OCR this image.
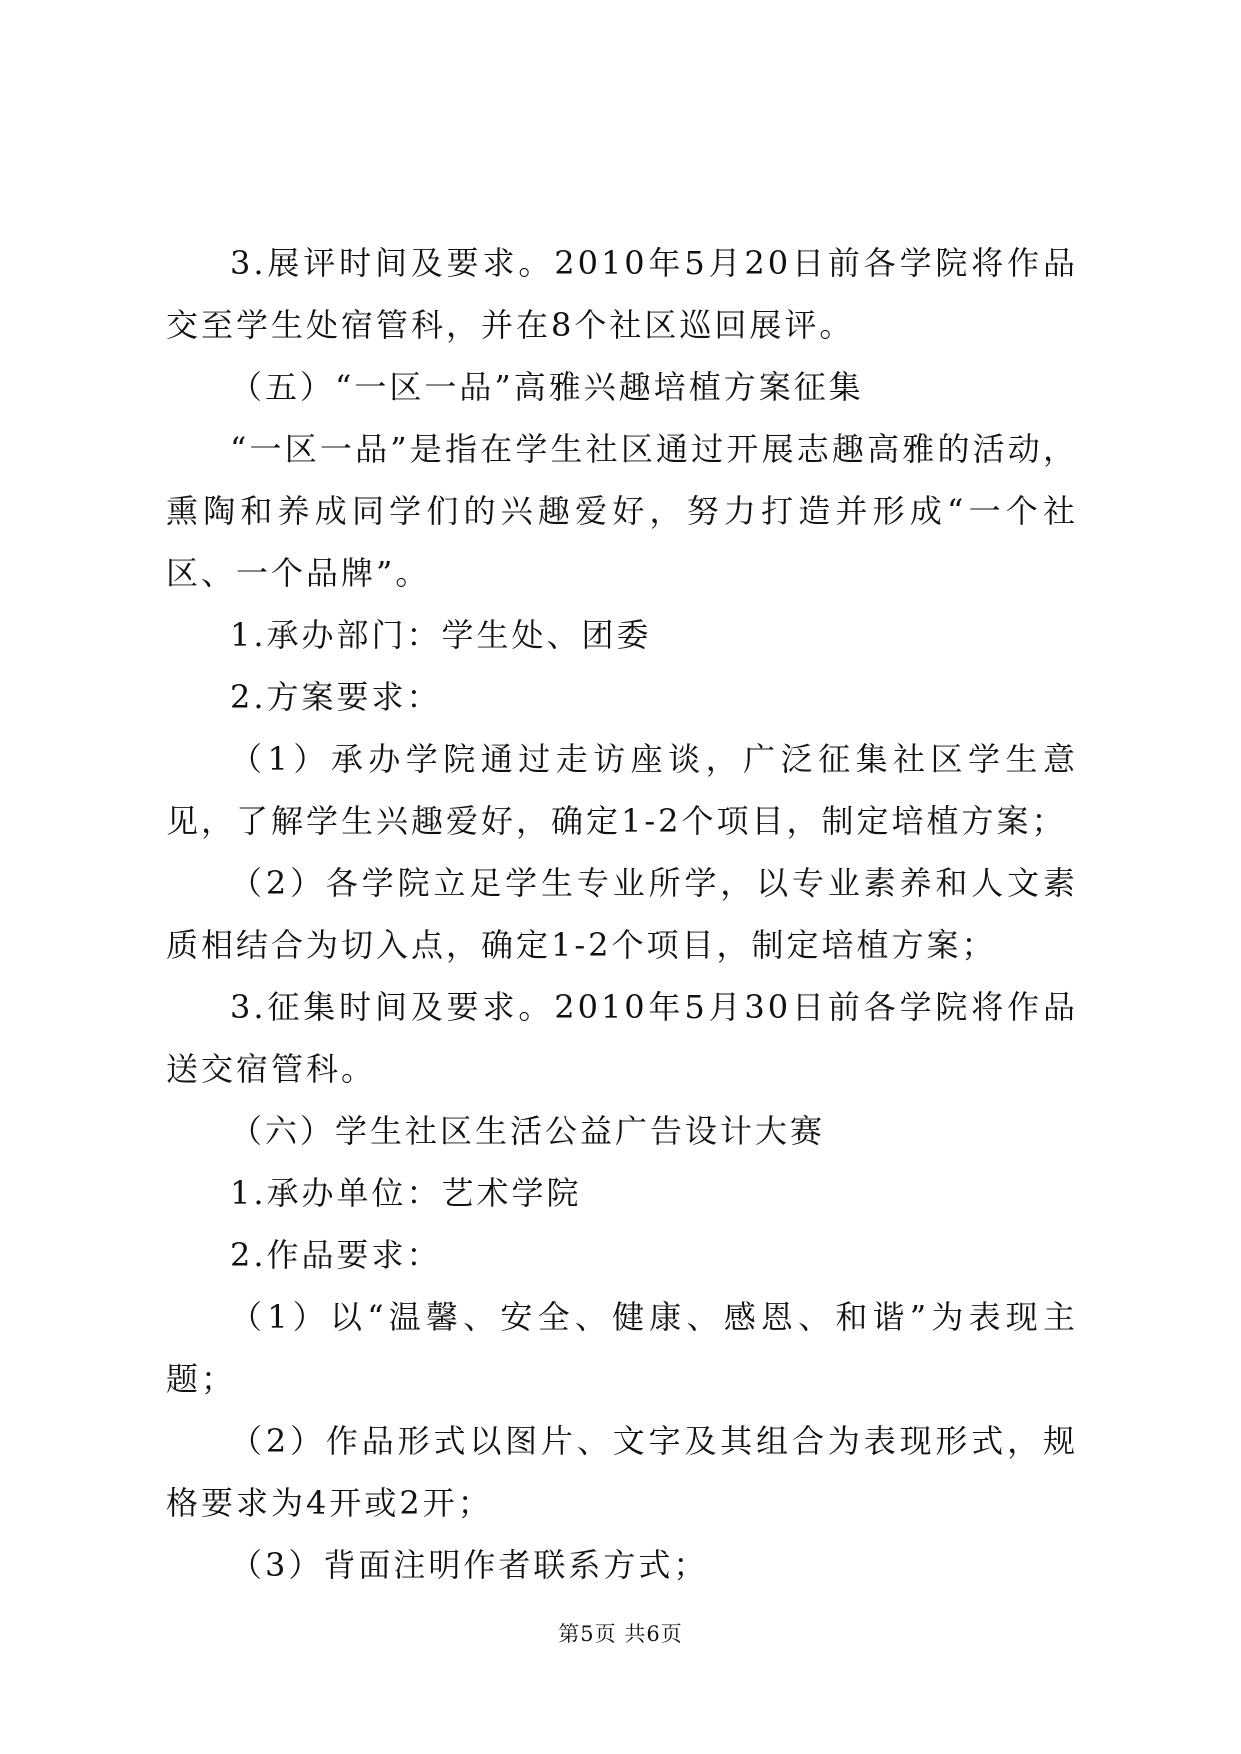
3.展评时间及要求。2010年5月20日前各学院将作品交至学生处宿管科，并在8个社区巡回展评。

（五）“一区一品”高雅兴趣培植方案征集

“一区一品”是指在学生社区通过开展志趣高雅的活动，熏陶和养成同学们的兴趣爱好，努力打造并形成“一个社区、一个品牌”。

1.承办部门：学生处、团委

2.方案要求：

（1）承办学院通过走访座谈，广泛征集社区学生意见，了解学生兴趣爱好，确定1-2个项目，制定培植方案；

（2）各学院立足学生专业所学，以专业素养和人文素质相结合为切入点，确定1-2个项目，制定培植方案；

3.征集时间及要求。2010年5月30日前各学院将作品送交宿管科。

（六）学生社区生活公益广告设计大赛

1.承办单位：艺术学院

2.作品要求：

（1）以“温馨、安全、健康、感恩、和谐”为表现主题；

（2）作品形式以图片、文字及其组合为表现形式，规格要求为4开或2开；

（3）背面注明作者联系方式；

第5页 共6页
